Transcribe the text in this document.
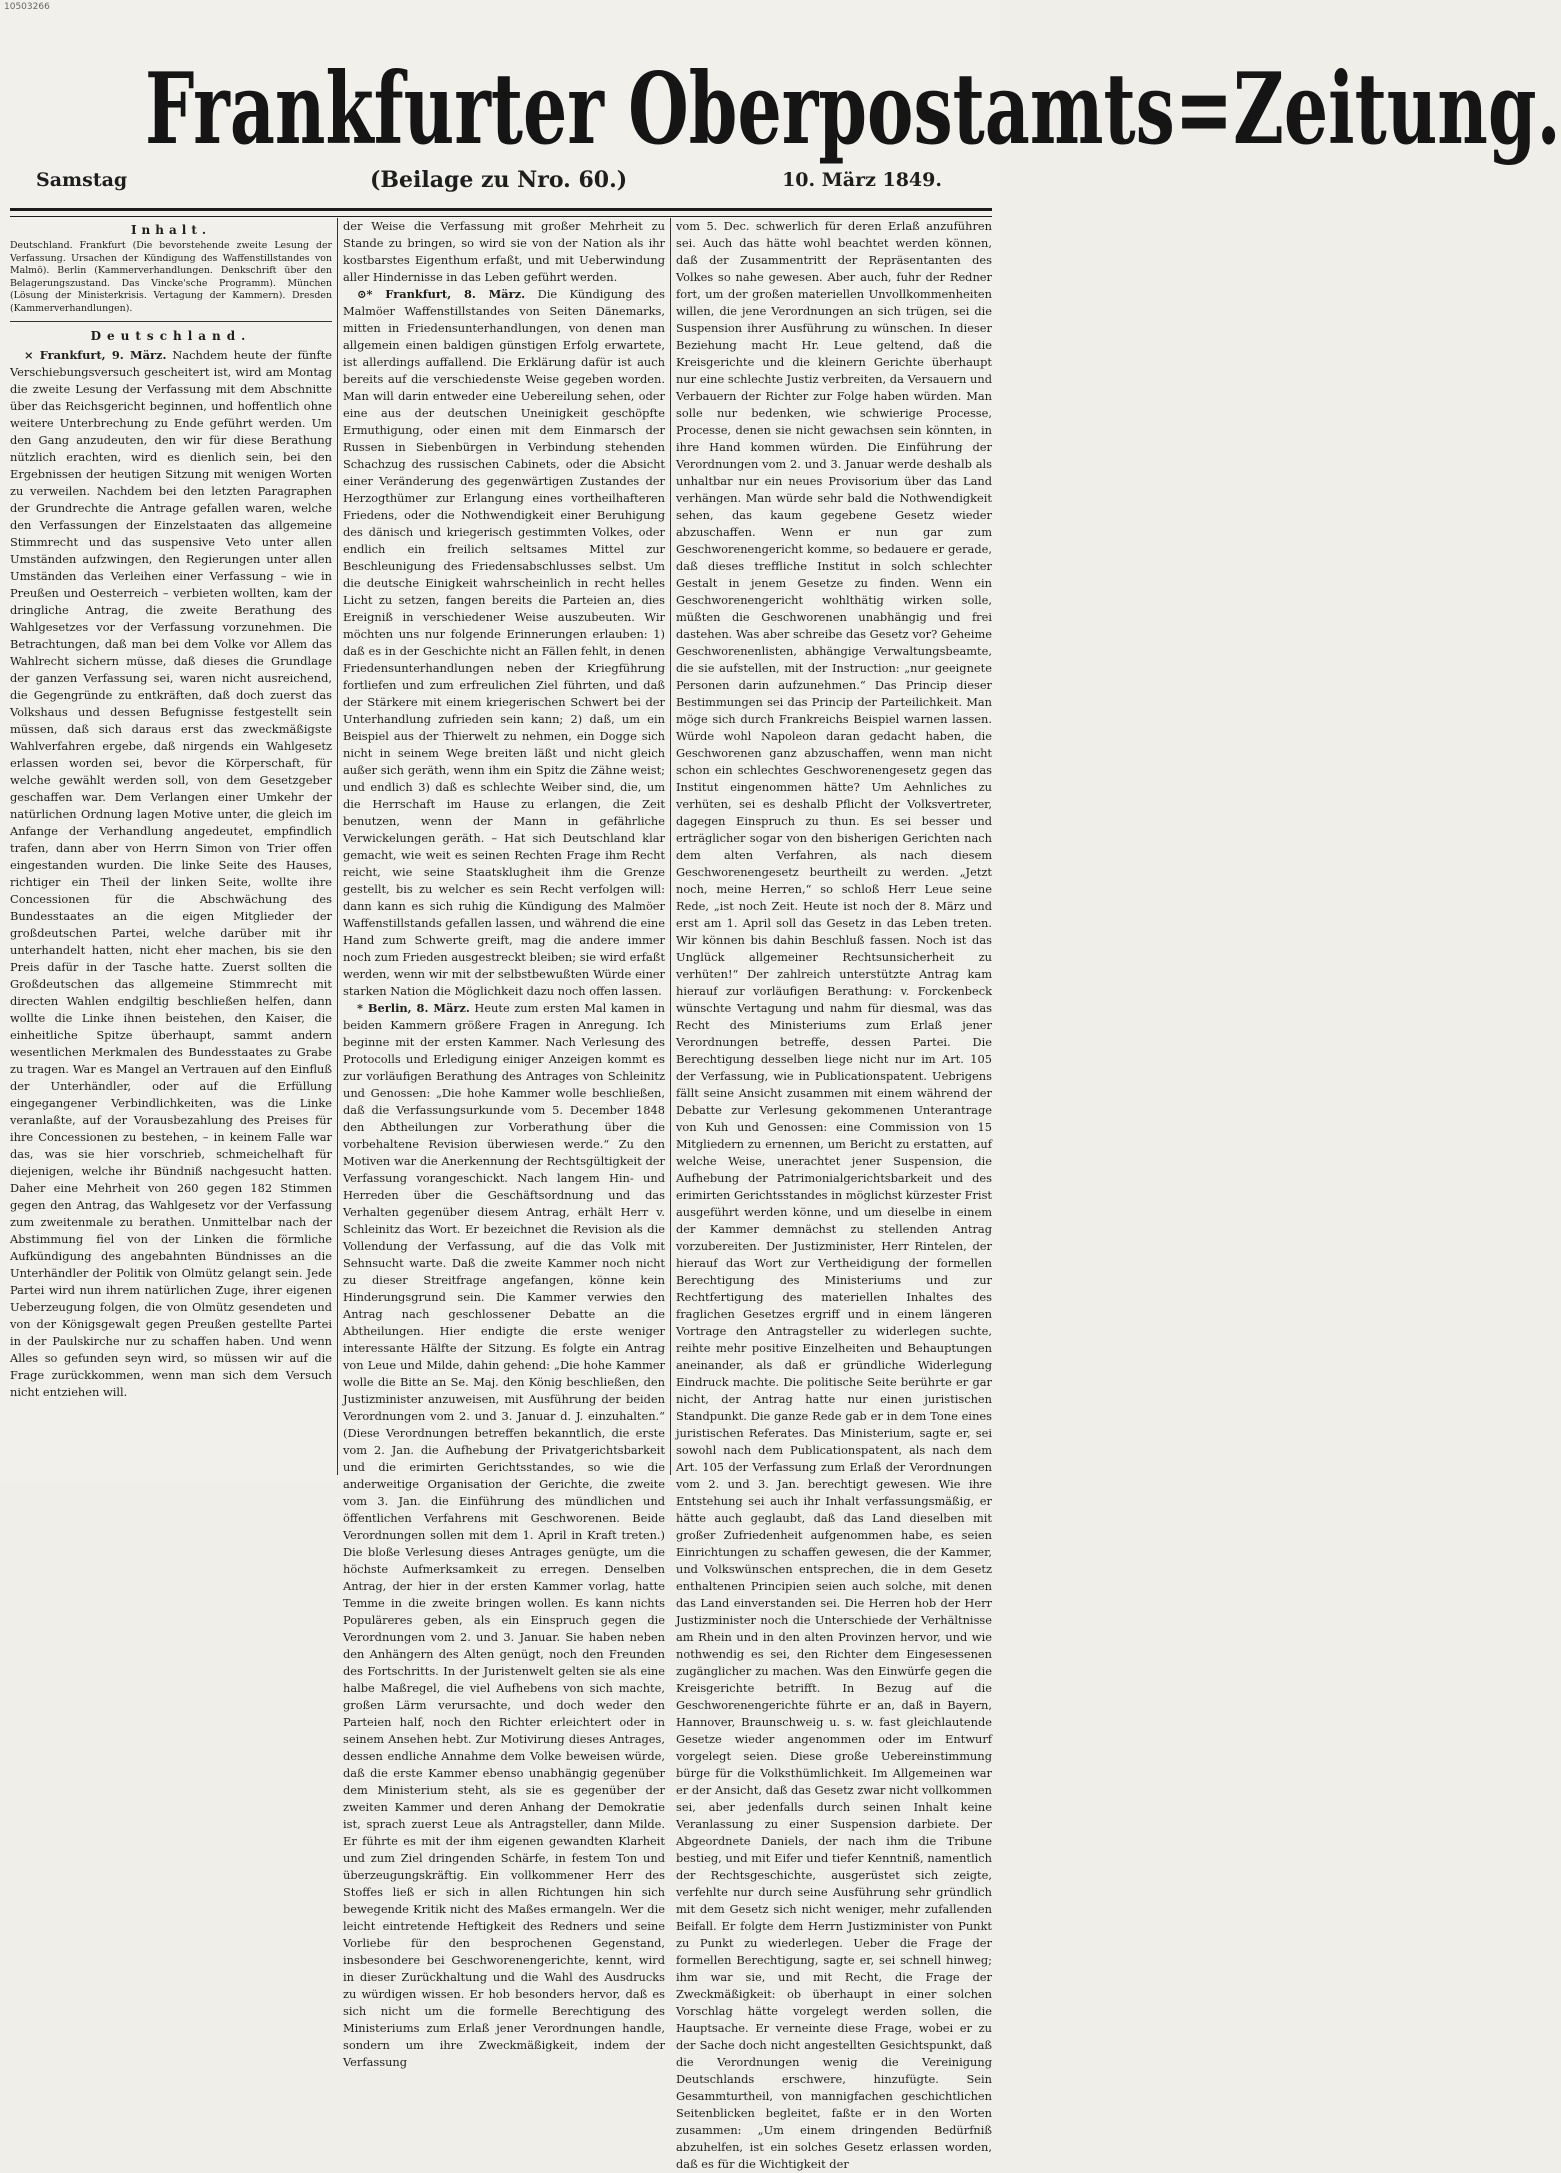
10503266
Frankfurter Oberpostamts=Zeitung.
Samstag	(Beilage zu Nro. 60.)	10. März 1849.
Inhalt.

Deutschland. Frankfurt (Die bevorstehende zweite Lesung der Verfassung. Ursachen der Kündigung des Waffenstillstandes von Malmö). Berlin (Kammerverhandlungen. Denkschrift über den Belagerungszustand. Das Vincke'sche Programm). München (Lösung der Ministerkrisis. Vertagung der Kammern). Dresden (Kammerverhandlungen).

Deutschland.

× Frankfurt, 9. März. Nachdem heute der fünfte Verschiebungsversuch gescheitert ist, wird am Montag die zweite Lesung der Verfassung mit dem Abschnitte über das Reichsgericht beginnen, und hoffentlich ohne weitere Unterbrechung zu Ende geführt werden. Um den Gang anzudeuten, den wir für diese Berathung nützlich erachten, wird es dienlich sein, bei den Ergebnissen der heutigen Sitzung mit wenigen Worten zu verweilen. Nachdem bei den letzten Paragraphen der Grundrechte die Antrage gefallen waren, welche den Verfassungen der Einzelstaaten das allgemeine Stimmrecht und das suspensive Veto unter allen Umständen aufzwingen, den Regierungen unter allen Umständen das Verleihen einer Verfassung – wie in Preußen und Oesterreich – verbieten wollten, kam der dringliche Antrag, die zweite Berathung des Wahlgesetzes vor der Verfassung vorzunehmen. Die Betrachtungen, daß man bei dem Volke vor Allem das Wahlrecht sichern müsse, daß dieses die Grundlage der ganzen Verfassung sei, waren nicht ausreichend, die Gegengründe zu entkräften, daß doch zuerst das Volkshaus und dessen Befugnisse festgestellt sein müssen, daß sich daraus erst das zweckmäßigste Wahlverfahren ergebe, daß nirgends ein Wahlgesetz erlassen worden sei, bevor die Körperschaft, für welche gewählt werden soll, von dem Gesetzgeber geschaffen war. Dem Verlangen einer Umkehr der natürlichen Ordnung lagen Motive unter, die gleich im Anfange der Verhandlung angedeutet, empfindlich trafen, dann aber von Herrn Simon von Trier offen eingestanden wurden. Die linke Seite des Hauses, richtiger ein Theil der linken Seite, wollte ihre Concessionen für die Abschwächung des Bundesstaates an die eigen Mitglieder der großdeutschen Partei, welche darüber mit ihr unterhandelt hatten, nicht eher machen, bis sie den Preis dafür in der Tasche hatte. Zuerst sollten die Großdeutschen das allgemeine Stimmrecht mit directen Wahlen endgiltig beschließen helfen, dann wollte die Linke ihnen beistehen, den Kaiser, die einheitliche Spitze überhaupt, sammt andern wesentlichen Merkmalen des Bundesstaates zu Grabe zu tragen. War es Mangel an Vertrauen auf den Einfluß der Unterhändler, oder auf die Erfüllung eingegangener Verbindlichkeiten, was die Linke veranlaßte, auf der Vorausbezahlung des Preises für ihre Concessionen zu bestehen, – in keinem Falle war das, was sie hier vorschrieb, schmeichelhaft für diejenigen, welche ihr Bündniß nachgesucht hatten. Daher eine Mehrheit von 260 gegen 182 Stimmen gegen den Antrag, das Wahlgesetz vor der Verfassung zum zweitenmale zu berathen. Unmittelbar nach der Abstimmung fiel von der Linken die förmliche Aufkündigung des angebahnten Bündnisses an die Unterhändler der Politik von Olmütz gelangt sein. Jede Partei wird nun ihrem natürlichen Zuge, ihrer eigenen Ueberzeugung folgen, die von Olmütz gesendeten und von der Königsgewalt gegen Preußen gestellte Partei in der Paulskirche nur zu schaffen haben. Und wenn Alles so gefunden seyn wird, so müssen wir auf die Frage zurückkommen, wenn man sich dem Versuch nicht entziehen will.

der Weise die Verfassung mit großer Mehrheit zu Stande zu bringen, so wird sie von der Nation als ihr kostbarstes Eigenthum erfaßt, und mit Ueberwindung aller Hindernisse in das Leben geführt werden.

⊙* Frankfurt, 8. März. Die Kündigung des Malmöer Waffenstillstandes von Seiten Dänemarks, mitten in Friedensunterhandlungen, von denen man allgemein einen baldigen günstigen Erfolg erwartete, ist allerdings auffallend. Die Erklärung dafür ist auch bereits auf die verschiedenste Weise gegeben worden. Man will darin entweder eine Uebereilung sehen, oder eine aus der deutschen Uneinigkeit geschöpfte Ermuthigung, oder einen mit dem Einmarsch der Russen in Siebenbürgen in Verbindung stehenden Schachzug des russischen Cabinets, oder die Absicht einer Veränderung des gegenwärtigen Zustandes der Herzogthümer zur Erlangung eines vortheilhafteren Friedens, oder die Nothwendigkeit einer Beruhigung des dänisch und kriegerisch gestimmten Volkes, oder endlich ein freilich seltsames Mittel zur Beschleunigung des Friedensabschlusses selbst. Um die deutsche Einigkeit wahrscheinlich in recht helles Licht zu setzen, fangen bereits die Parteien an, dies Ereigniß in verschiedener Weise auszubeuten. Wir möchten uns nur folgende Erinnerungen erlauben: 1) daß es in der Geschichte nicht an Fällen fehlt, in denen Friedensunterhandlungen neben der Kriegführung fortliefen und zum erfreulichen Ziel führten, und daß der Stärkere mit einem kriegerischen Schwert bei der Unterhandlung zufrieden sein kann; 2) daß, um ein Beispiel aus der Thierwelt zu nehmen, ein Dogge sich nicht in seinem Wege breiten läßt und nicht gleich außer sich geräth, wenn ihm ein Spitz die Zähne weist; und endlich 3) daß es schlechte Weiber sind, die, um die Herrschaft im Hause zu erlangen, die Zeit benutzen, wenn der Mann in gefährliche Verwickelungen geräth. – Hat sich Deutschland klar gemacht, wie weit es seinen Rechten Frage ihm Recht reicht, wie seine Staatsklugheit ihm die Grenze gestellt, bis zu welcher es sein Recht verfolgen will: dann kann es sich ruhig die Kündigung des Malmöer Waffenstillstands gefallen lassen, und während die eine Hand zum Schwerte greift, mag die andere immer noch zum Frieden ausgestreckt bleiben; sie wird erfaßt werden, wenn wir mit der selbstbewußten Würde einer starken Nation die Möglichkeit dazu noch offen lassen.

* Berlin, 8. März. Heute zum ersten Mal kamen in beiden Kammern größere Fragen in Anregung. Ich beginne mit der ersten Kammer. Nach Verlesung des Protocolls und Erledigung einiger Anzeigen kommt es zur vorläufigen Berathung des Antrages von Schleinitz und Genossen: „Die hohe Kammer wolle beschließen, daß die Verfassungsurkunde vom 5. December 1848 den Abtheilungen zur Vorberathung über die vorbehaltene Revision überwiesen werde.“ Zu den Motiven war die Anerkennung der Rechtsgültigkeit der Verfassung vorangeschickt. Nach langem Hin- und Herreden über die Geschäftsordnung und das Verhalten gegenüber diesem Antrag, erhält Herr v. Schleinitz das Wort. Er bezeichnet die Revision als die Vollendung der Verfassung, auf die das Volk mit Sehnsucht warte. Daß die zweite Kammer noch nicht zu dieser Streitfrage angefangen, könne kein Hinderungsgrund sein. Die Kammer verwies den Antrag nach geschlossener Debatte an die Abtheilungen. Hier endigte die erste weniger interessante Hälfte der Sitzung. Es folgte ein Antrag von Leue und Milde, dahin gehend: „Die hohe Kammer wolle die Bitte an Se. Maj. den König beschließen, den Justizminister anzuweisen, mit Ausführung der beiden Verordnungen vom 2. und 3. Januar d. J. einzuhalten.“ (Diese Verordnungen betreffen bekanntlich, die erste vom 2. Jan. die Aufhebung der Privatgerichtsbarkeit und die erimirten Gerichtsstandes, so wie die anderweitige Organisation der Gerichte, die zweite vom 3. Jan. die Einführung des mündlichen und öffentlichen Verfahrens mit Geschworenen. Beide Verordnungen sollen mit dem 1. April in Kraft treten.) Die bloße Verlesung dieses Antrages genügte, um die höchste Aufmerksamkeit zu erregen. Denselben Antrag, der hier in der ersten Kammer vorlag, hatte Temme in die zweite bringen wollen. Es kann nichts Populäreres geben, als ein Einspruch gegen die Verordnungen vom 2. und 3. Januar. Sie haben neben den Anhängern des Alten genügt, noch den Freunden des Fortschritts. In der Juristenwelt gelten sie als eine halbe Maßregel, die viel Aufhebens von sich machte, großen Lärm verursachte, und doch weder den Parteien half, noch den Richter erleichtert oder in seinem Ansehen hebt. Zur Motivirung dieses Antrages, dessen endliche Annahme dem Volke beweisen würde, daß die erste Kammer ebenso unabhängig gegenüber dem Ministerium steht, als sie es gegenüber der zweiten Kammer und deren Anhang der Demokratie ist, sprach zuerst Leue als Antragsteller, dann Milde. Er führte es mit der ihm eigenen gewandten Klarheit und zum Ziel dringenden Schärfe, in festem Ton und überzeugungskräftig. Ein vollkommener Herr des Stoffes ließ er sich in allen Richtungen hin sich bewegende Kritik nicht des Maßes ermangeln. Wer die leicht eintretende Heftigkeit des Redners und seine Vorliebe für den besprochenen Gegenstand, insbesondere bei Geschworenengerichte, kennt, wird in dieser Zurückhaltung und die Wahl des Ausdrucks zu würdigen wissen. Er hob besonders hervor, daß es sich nicht um die formelle Berechtigung des Ministeriums zum Erlaß jener Verordnungen handle, sondern um ihre Zweckmäßigkeit, indem der Verfassung

vom 5. Dec. schwerlich für deren Erlaß anzuführen sei. Auch das hätte wohl beachtet werden können, daß der Zusammentritt der Repräsentanten des Volkes so nahe gewesen. Aber auch, fuhr der Redner fort, um der großen materiellen Unvollkommenheiten willen, die jene Verordnungen an sich trügen, sei die Suspension ihrer Ausführung zu wünschen. In dieser Beziehung macht Hr. Leue geltend, daß die Kreisgerichte und die kleinern Gerichte überhaupt nur eine schlechte Justiz verbreiten, da Versauern und Verbauern der Richter zur Folge haben würden. Man solle nur bedenken, wie schwierige Processe, Processe, denen sie nicht gewachsen sein könnten, in ihre Hand kommen würden. Die Einführung der Verordnungen vom 2. und 3. Januar werde deshalb als unhaltbar nur ein neues Provisorium über das Land verhängen. Man würde sehr bald die Nothwendigkeit sehen, das kaum gegebene Gesetz wieder abzuschaffen. Wenn er nun gar zum Geschworenengericht komme, so bedauere er gerade, daß dieses treffliche Institut in solch schlechter Gestalt in jenem Gesetze zu finden. Wenn ein Geschworenengericht wohlthätig wirken solle, müßten die Geschworenen unabhängig und frei dastehen. Was aber schreibe das Gesetz vor? Geheime Geschworenenlisten, abhängige Verwaltungsbeamte, die sie aufstellen, mit der Instruction: „nur geeignete Personen darin aufzunehmen.“ Das Princip dieser Bestimmungen sei das Princip der Parteilichkeit. Man möge sich durch Frankreichs Beispiel warnen lassen. Würde wohl Napoleon daran gedacht haben, die Geschworenen ganz abzuschaffen, wenn man nicht schon ein schlechtes Geschworenengesetz gegen das Institut eingenommen hätte? Um Aehnliches zu verhüten, sei es deshalb Pflicht der Volksvertreter, dagegen Einspruch zu thun. Es sei besser und erträglicher sogar von den bisherigen Gerichten nach dem alten Verfahren, als nach diesem Geschworenengesetz beurtheilt zu werden. „Jetzt noch, meine Herren,“ so schloß Herr Leue seine Rede, „ist noch Zeit. Heute ist noch der 8. März und erst am 1. April soll das Gesetz in das Leben treten. Wir können bis dahin Beschluß fassen. Noch ist das Unglück allgemeiner Rechtsunsicherheit zu verhüten!“ Der zahlreich unterstützte Antrag kam hierauf zur vorläufigen Berathung: v. Forckenbeck wünschte Vertagung und nahm für diesmal, was das Recht des Ministeriums zum Erlaß jener Verordnungen betreffe, dessen Partei. Die Berechtigung desselben liege nicht nur im Art. 105 der Verfassung, wie in Publicationspatent. Uebrigens fällt seine Ansicht zusammen mit einem während der Debatte zur Verlesung gekommenen Unterantrage von Kuh und Genossen: eine Commission von 15 Mitgliedern zu ernennen, um Bericht zu erstatten, auf welche Weise, unerachtet jener Suspension, die Aufhebung der Patrimonialgerichtsbarkeit und des erimirten Gerichtsstandes in möglichst kürzester Frist ausgeführt werden könne, und um dieselbe in einem der Kammer demnächst zu stellenden Antrag vorzubereiten. Der Justizminister, Herr Rintelen, der hierauf das Wort zur Vertheidigung der formellen Berechtigung des Ministeriums und zur Rechtfertigung des materiellen Inhaltes des fraglichen Gesetzes ergriff und in einem längeren Vortrage den Antragsteller zu widerlegen suchte, reihte mehr positive Einzelheiten und Behauptungen aneinander, als daß er gründliche Widerlegung Eindruck machte. Die politische Seite berührte er gar nicht, der Antrag hatte nur einen juristischen Standpunkt. Die ganze Rede gab er in dem Tone eines juristischen Referates. Das Ministerium, sagte er, sei sowohl nach dem Publicationspatent, als nach dem Art. 105 der Verfassung zum Erlaß der Verordnungen vom 2. und 3. Jan. berechtigt gewesen. Wie ihre Entstehung sei auch ihr Inhalt verfassungsmäßig, er hätte auch geglaubt, daß das Land dieselben mit großer Zufriedenheit aufgenommen habe, es seien Einrichtungen zu schaffen gewesen, die der Kammer, und Volkswünschen entsprechen, die in dem Gesetz enthaltenen Principien seien auch solche, mit denen das Land einverstanden sei. Die Herren hob der Herr Justizminister noch die Unterschiede der Verhältnisse am Rhein und in den alten Provinzen hervor, und wie nothwendig es sei, den Richter dem Eingesessenen zugänglicher zu machen. Was den Einwürfe gegen die Kreisgerichte betrifft. In Bezug auf die Geschworenengerichte führte er an, daß in Bayern, Hannover, Braunschweig u. s. w. fast gleichlautende Gesetze wieder angenommen oder im Entwurf vorgelegt seien. Diese große Uebereinstimmung bürge für die Volksthümlichkeit. Im Allgemeinen war er der Ansicht, daß das Gesetz zwar nicht vollkommen sei, aber jedenfalls durch seinen Inhalt keine Veranlassung zu einer Suspension darbiete. Der Abgeordnete Daniels, der nach ihm die Tribune bestieg, und mit Eifer und tiefer Kenntniß, namentlich der Rechtsgeschichte, ausgerüstet sich zeigte, verfehlte nur durch seine Ausführung sehr gründlich mit dem Gesetz sich nicht weniger, mehr zufallenden Beifall. Er folgte dem Herrn Justizminister von Punkt zu Punkt zu wiederlegen. Ueber die Frage der formellen Berechtigung, sagte er, sei schnell hinweg; ihm war sie, und mit Recht, die Frage der Zweckmäßigkeit: ob überhaupt in einer solchen Vorschlag hätte vorgelegt werden sollen, die Hauptsache. Er verneinte diese Frage, wobei er zu der Sache doch nicht angestellten Gesichtspunkt, daß die Verordnungen wenig die Vereinigung Deutschlands erschwere, hinzufügte. Sein Gesammturtheil, von mannigfachen geschichtlichen Seitenblicken begleitet, faßte er in den Worten zusammen: „Um einem dringenden Bedürfniß abzuhelfen, ist ein solches Gesetz erlassen worden, daß es für die Wichtigkeit der
